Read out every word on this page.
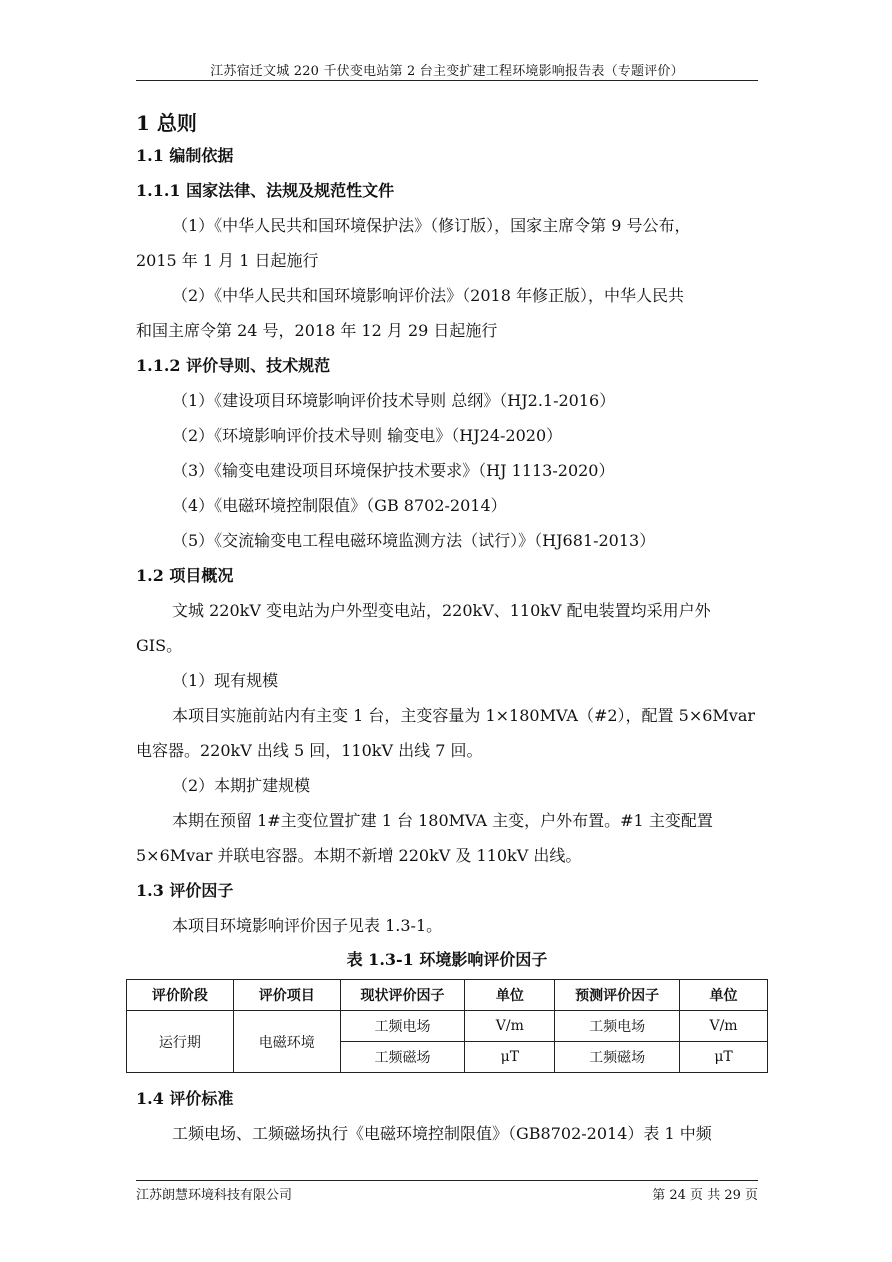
江苏宿迁文城 220 千伏变电站第 2 台主变扩建工程环境影响报告表（专题评价）
1 总则
1.1 编制依据
1.1.1 国家法律、法规及规范性文件
（1）《中华人民共和国环境保护法》（修订版），国家主席令第 9 号公布，
2015 年 1 月 1 日起施行
（2）《中华人民共和国环境影响评价法》（2018 年修正版），中华人民共
和国主席令第 24 号，2018 年 12 月 29 日起施行
1.1.2 评价导则、技术规范
（1）《建设项目环境影响评价技术导则 总纲》（HJ2.1-2016）
（2）《环境影响评价技术导则 输变电》（HJ24-2020）
（3）《输变电建设项目环境保护技术要求》（HJ 1113-2020）
（4）《电磁环境控制限值》（GB 8702-2014）
（5）《交流输变电工程电磁环境监测方法（试行）》（HJ681-2013）
1.2 项目概况
文城 220kV 变电站为户外型变电站，220kV、110kV 配电装置均采用户外
GIS。
（1）现有规模
本项目实施前站内有主变 1 台，主变容量为 1×180MVA（#2），配置 5×6Mvar
电容器。220kV 出线 5 回，110kV 出线 7 回。
（2）本期扩建规模
本期在预留 1#主变位置扩建 1 台 180MVA 主变，户外布置。#1 主变配置
5×6Mvar 并联电容器。本期不新增 220kV 及 110kV 出线。
1.3 评价因子
本项目环境影响评价因子见表 1.3-1。
表 1.3-1 环境影响评价因子
评价阶段	评价项目	现状评价因子	单位	预测评价因子	单位
运行期	电磁环境	工频电场	V/m	工频电场	V/m
		工频磁场	μT	工频磁场	μT
1.4 评价标准
工频电场、工频磁场执行《电磁环境控制限值》（GB8702-2014）表 1 中频
江苏朗慧环境科技有限公司	第 24 页 共 29 页
